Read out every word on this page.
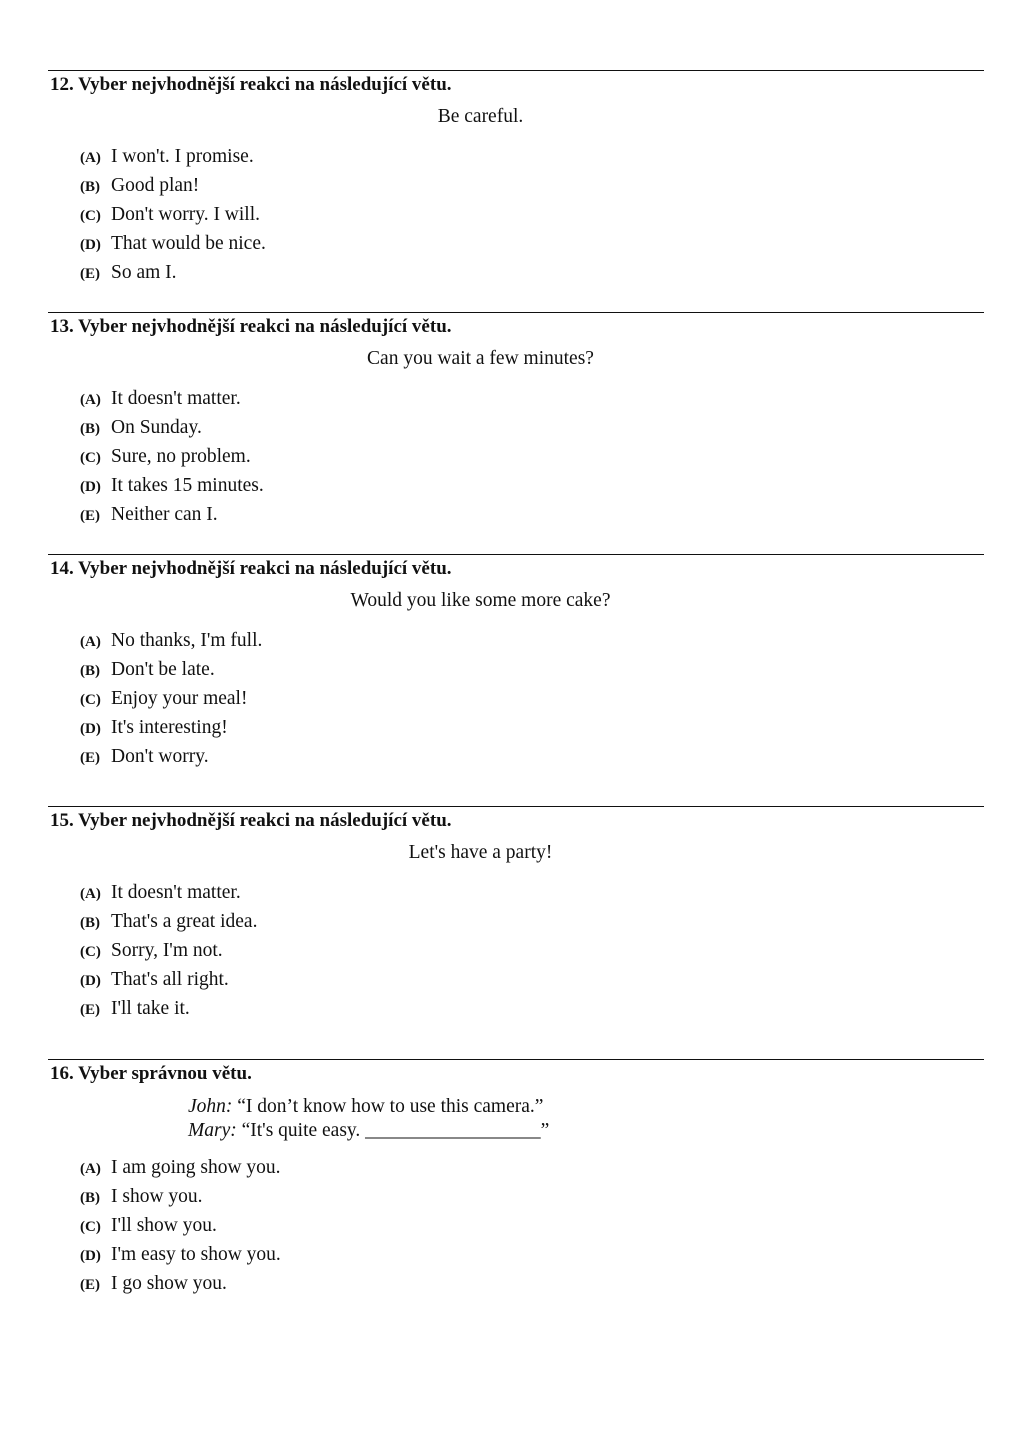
12. Vyber nejvhodnější reakci na následující větu.
Be careful.
(A) I won't. I promise.
(B) Good plan!
(C) Don't worry. I will.
(D) That would be nice.
(E) So am I.
13. Vyber nejvhodnější reakci na následující větu.
Can you wait a few minutes?
(A) It doesn't matter.
(B) On Sunday.
(C) Sure, no problem.
(D) It takes 15 minutes.
(E) Neither can I.
14. Vyber nejvhodnější reakci na následující větu.
Would you like some more cake?
(A) No thanks, I'm full.
(B) Don't be late.
(C) Enjoy your meal!
(D) It's interesting!
(E) Don't worry.
15. Vyber nejvhodnější reakci na následující větu.
Let's have a party!
(A) It doesn't matter.
(B) That's a great idea.
(C) Sorry, I'm not.
(D) That's all right.
(E) I'll take it.
16. Vyber správnou větu.
John: “I don’t know how to use this camera.”
Mary: “It's quite easy. __________________”
(A) I am going show you.
(B) I show you.
(C) I'll show you.
(D) I'm easy to show you.
(E) I go show you.
